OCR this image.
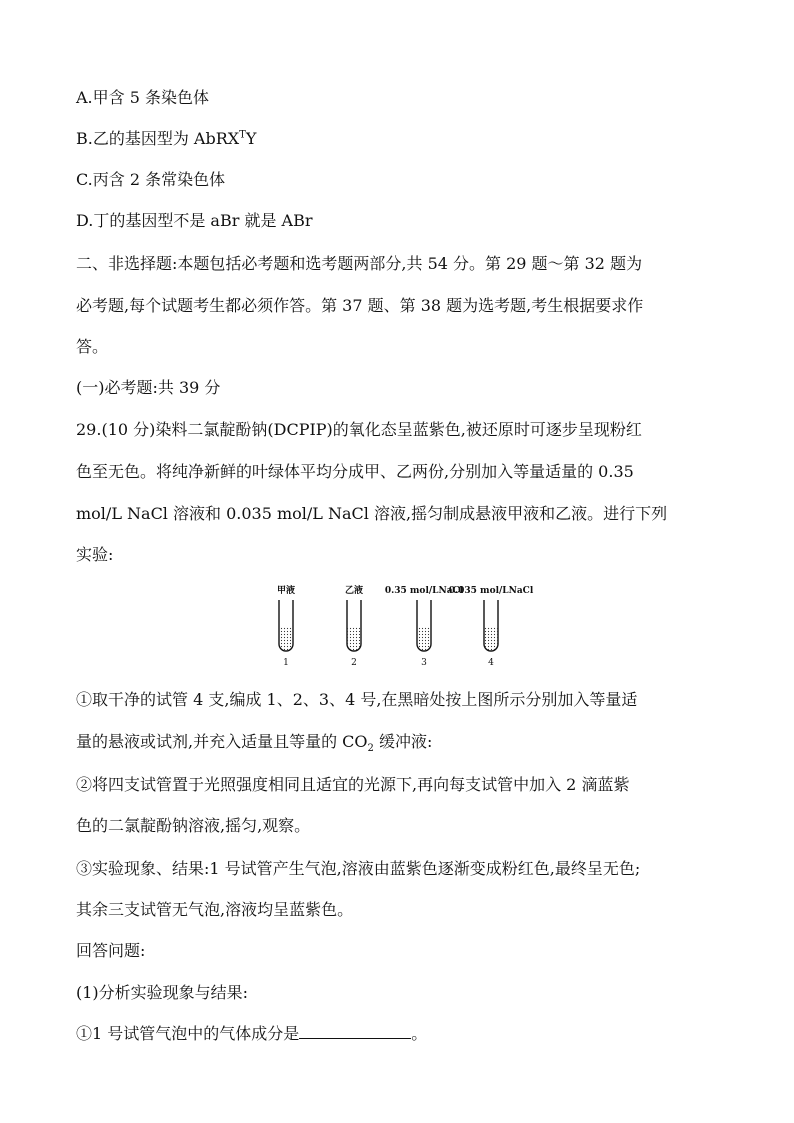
A.甲含 5 条染色体
B.乙的基因型为 AbRX$^T$Y
C.丙含 2 条常染色体
D.丁的基因型不是 aBr 就是 ABr
二、非选择题:本题包括必考题和选考题两部分,共 54 分。第 29 题～第 32 题为
必考题,每个试题考生都必须作答。第 37 题、第 38 题为选考题,考生根据要求作
答。
(一)必考题:共 39 分
29.(10 分)染料二氯靛酚钠(DCPIP)的氧化态呈蓝紫色,被还原时可逐步呈现粉红
色至无色。将纯净新鲜的叶绿体平均分成甲、乙两份,分别加入等量适量的 0.35
mol/L NaCl 溶液和 0.035 mol/L NaCl 溶液,摇匀制成悬液甲液和乙液。进行下列
实验:
甲液
1
乙液
2
0.35 mol/LNaCl
3
0.035 mol/LNaCl
4
①取干净的试管 4 支,编成 1、2、3、4 号,在黑暗处按上图所示分别加入等量适
量的悬液或试剂,并充入适量且等量的 $CO_2$ 缓冲液:
②将四支试管置于光照强度相同且适宜的光源下,再向每支试管中加入 2 滴蓝紫
色的二氯靛酚钠溶液,摇匀,观察。
③实验现象、结果:1 号试管产生气泡,溶液由蓝紫色逐渐变成粉红色,最终呈无色;
其余三支试管无气泡,溶液均呈蓝紫色。
回答问题:
(1)分析实验现象与结果:
①1 号试管气泡中的气体成分是	。
